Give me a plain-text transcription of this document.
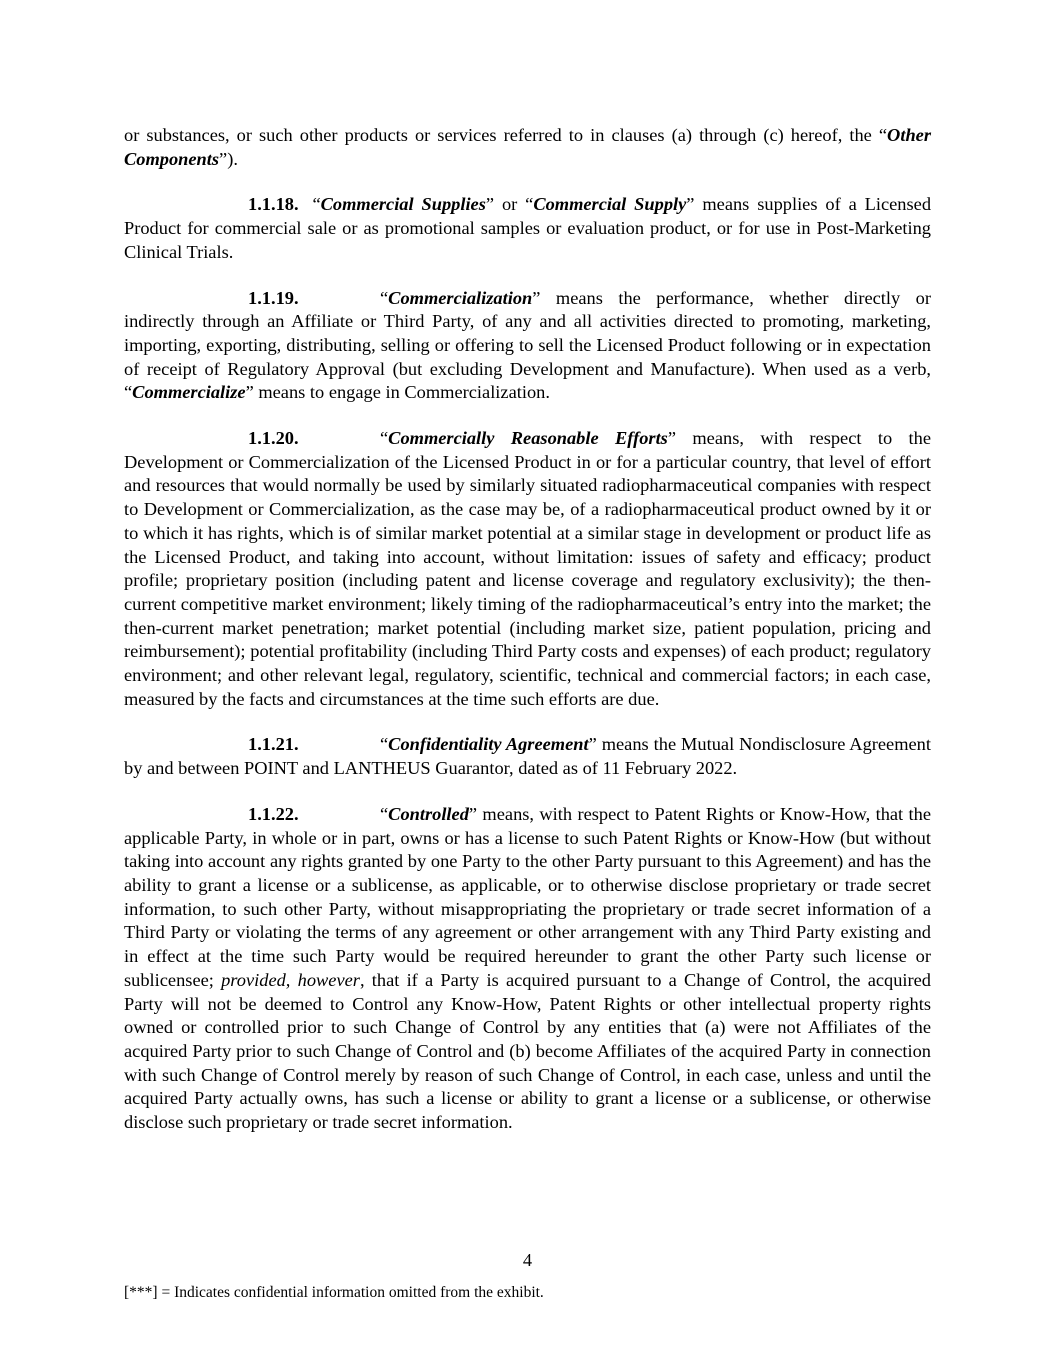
or substances, or such other products or services referred to in clauses (a) through (c) hereof, the “Other Components”).

1.1.18. “Commercial Supplies” or “Commercial Supply” means supplies of a Licensed Product for commercial sale or as promotional samples or evaluation product, or for use in Post-Marketing Clinical Trials.

1.1.19.	“Commercialization” means the performance, whether directly or indirectly through an Affiliate or Third Party, of any and all activities directed to promoting, marketing, importing, exporting, distributing, selling or offering to sell the Licensed Product following or in expectation of receipt of Regulatory Approval (but excluding Development and Manufacture). When used as a verb, “Commercialize” means to engage in Commercialization.

1.1.20.	“Commercially Reasonable Efforts” means, with respect to the Development or Commercialization of the Licensed Product in or for a particular country, that level of effort and resources that would normally be used by similarly situated radiopharmaceutical companies with respect to Development or Commercialization, as the case may be, of a radiopharmaceutical product owned by it or to which it has rights, which is of similar market potential at a similar stage in development or product life as the Licensed Product, and taking into account, without limitation: issues of safety and efficacy; product profile; proprietary position (including patent and license coverage and regulatory exclusivity); the then-current competitive market environment; likely timing of the radiopharmaceutical’s entry into the market; the then-current market penetration; market potential (including market size, patient population, pricing and reimbursement); potential profitability (including Third Party costs and expenses) of each product; regulatory environment; and other relevant legal, regulatory, scientific, technical and commercial factors; in each case, measured by the facts and circumstances at the time such efforts are due.

1.1.21.	“Confidentiality Agreement” means the Mutual Nondisclosure Agreement by and between POINT and LANTHEUS Guarantor, dated as of 11 February 2022.

1.1.22.	“Controlled” means, with respect to Patent Rights or Know-How, that the applicable Party, in whole or in part, owns or has a license to such Patent Rights or Know-How (but without taking into account any rights granted by one Party to the other Party pursuant to this Agreement) and has the ability to grant a license or a sublicense, as applicable, or to otherwise disclose proprietary or trade secret information, to such other Party, without misappropriating the proprietary or trade secret information of a Third Party or violating the terms of any agreement or other arrangement with any Third Party existing and in effect at the time such Party would be required hereunder to grant the other Party such license or sublicensee; provided, however, that if a Party is acquired pursuant to a Change of Control, the acquired Party will not be deemed to Control any Know-How, Patent Rights or other intellectual property rights owned or controlled prior to such Change of Control by any entities that (a) were not Affiliates of the acquired Party prior to such Change of Control and (b) become Affiliates of the acquired Party in connection with such Change of Control merely by reason of such Change of Control, in each case, unless and until the acquired Party actually owns, has such a license or ability to grant a license or a sublicense, or otherwise disclose such proprietary or trade secret information.

4
[***] = Indicates confidential information omitted from the exhibit.
